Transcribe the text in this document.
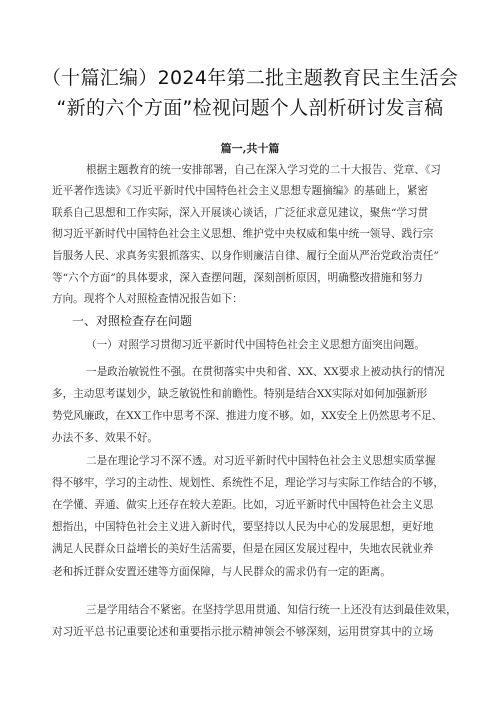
（十篇汇编）2024年第二批主题教育民主生活会
“新的六个方面”检视问题个人剖析研讨发言稿
篇一,共十篇
根据主题教育的统一安排部署，自己在深入学习党的二十大报告、党章、《习
近平著作选读》《习近平新时代中国特色社会主义思想专题摘编》的基础上，紧密
联系自己思想和工作实际，深入开展谈心谈话，广泛征求意见建议，聚焦“学习贯
彻习近平新时代中国特色社会主义思想、维护党中央权威和集中统一领导、践行宗
旨服务人民、求真务实狠抓落实、以身作则廉洁自律、履行全面从严治党政治责任”
等“六个方面”的具体要求，深入查摆问题，深刻剖析原因，明确整改措施和努力
方向。现将个人对照检查情况报告如下：
一、对照检查存在问题
（一）对照学习贯彻习近平新时代中国特色社会主义思想方面突出问题。
一是政治敏锐性不强。在贯彻落实中央和省、XX、XX要求上被动执行的情况
多，主动思考谋划少，缺乏敏锐性和前瞻性。特别是结合XX实际对如何加强新形
势党风廉政，在XX工作中思考不深、推进力度不够。如，XX安全上仍然思考不足、
办法不多、效果不好。
二是在理论学习不深不透。对习近平新时代中国特色社会主义思想实质掌握
得不够牢，学习的主动性、规划性、系统性不足，理论学习与实际工作结合的不够，
在学懂、弄通、做实上还存在较大差距。比如，习近平新时代中国特色社会主义思
想指出，中国特色社会主义进入新时代，要坚持以人民为中心的发展思想，更好地
满足人民群众日益增长的美好生活需要，但是在园区发展过程中，失地农民就业养
老和拆迁群众安置还建等方面保障，与人民群众的需求仍有一定的距离。
三是学用结合不紧密。在坚持学思用贯通、知信行统一上还没有达到最佳效果，
对习近平总书记重要论述和重要指示批示精神领会不够深刻，运用贯穿其中的立场
